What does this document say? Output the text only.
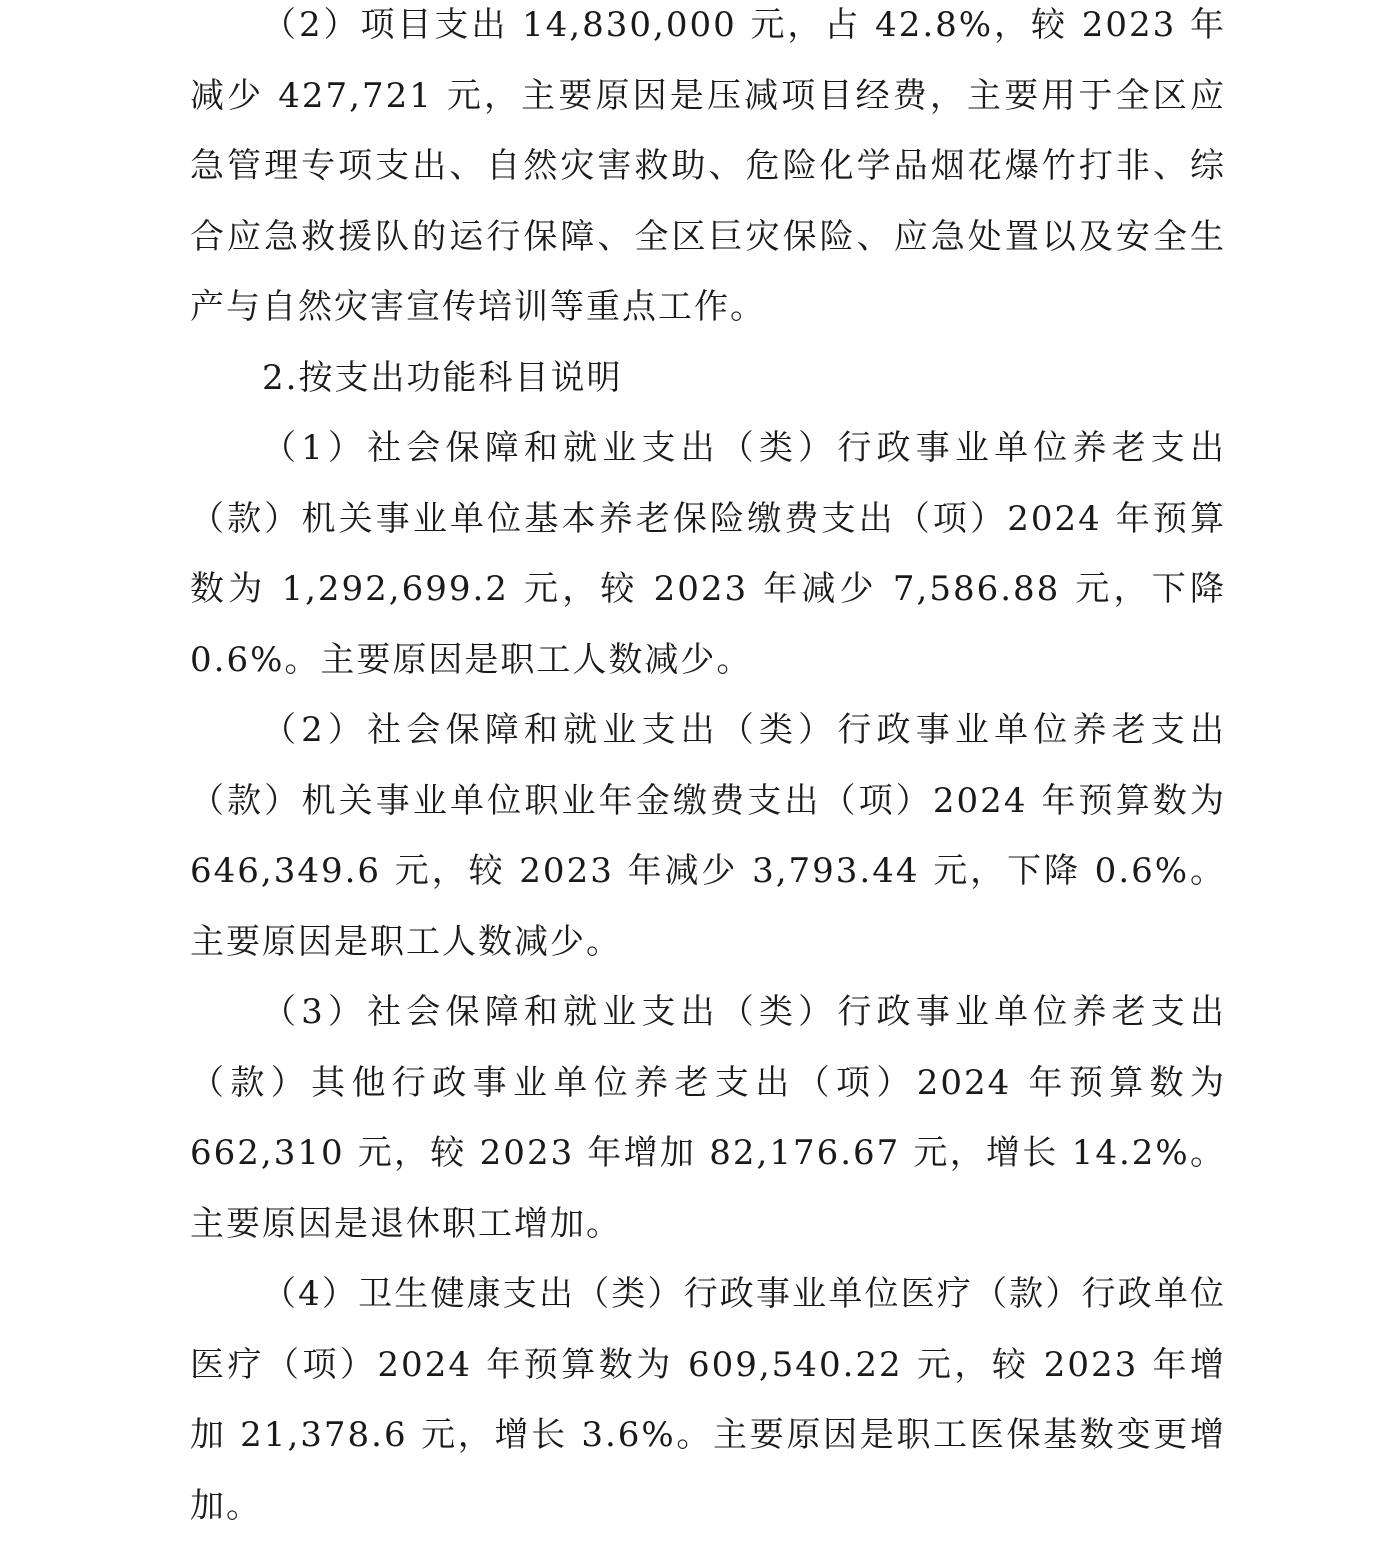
（2）项目支出 14,830,000 元，占 42.8%，较 2023 年减少 427,721 元，主要原因是压减项目经费，主要用于全区应急管理专项支出、自然灾害救助、危险化学品烟花爆竹打非、综合应急救援队的运行保障、全区巨灾保险、应急处置以及安全生产与自然灾害宣传培训等重点工作。

2.按支出功能科目说明

（1）社会保障和就业支出（类）行政事业单位养老支出（款）机关事业单位基本养老保险缴费支出（项）2024 年预算数为 1,292,699.2 元，较 2023 年减少 7,586.88 元，下降 0.6%。主要原因是职工人数减少。

（2）社会保障和就业支出（类）行政事业单位养老支出（款）机关事业单位职业年金缴费支出（项）2024 年预算数为 646,349.6 元，较 2023 年减少 3,793.44 元，下降 0.6%。主要原因是职工人数减少。

（3）社会保障和就业支出（类）行政事业单位养老支出（款）其他行政事业单位养老支出（项）2024 年预算数为 662,310 元，较 2023 年增加 82,176.67 元，增长 14.2%。主要原因是退休职工增加。

（4）卫生健康支出（类）行政事业单位医疗（款）行政单位医疗（项）2024 年预算数为 609,540.22 元，较 2023 年增加 21,378.6 元，增长 3.6%。主要原因是职工医保基数变更增加。
